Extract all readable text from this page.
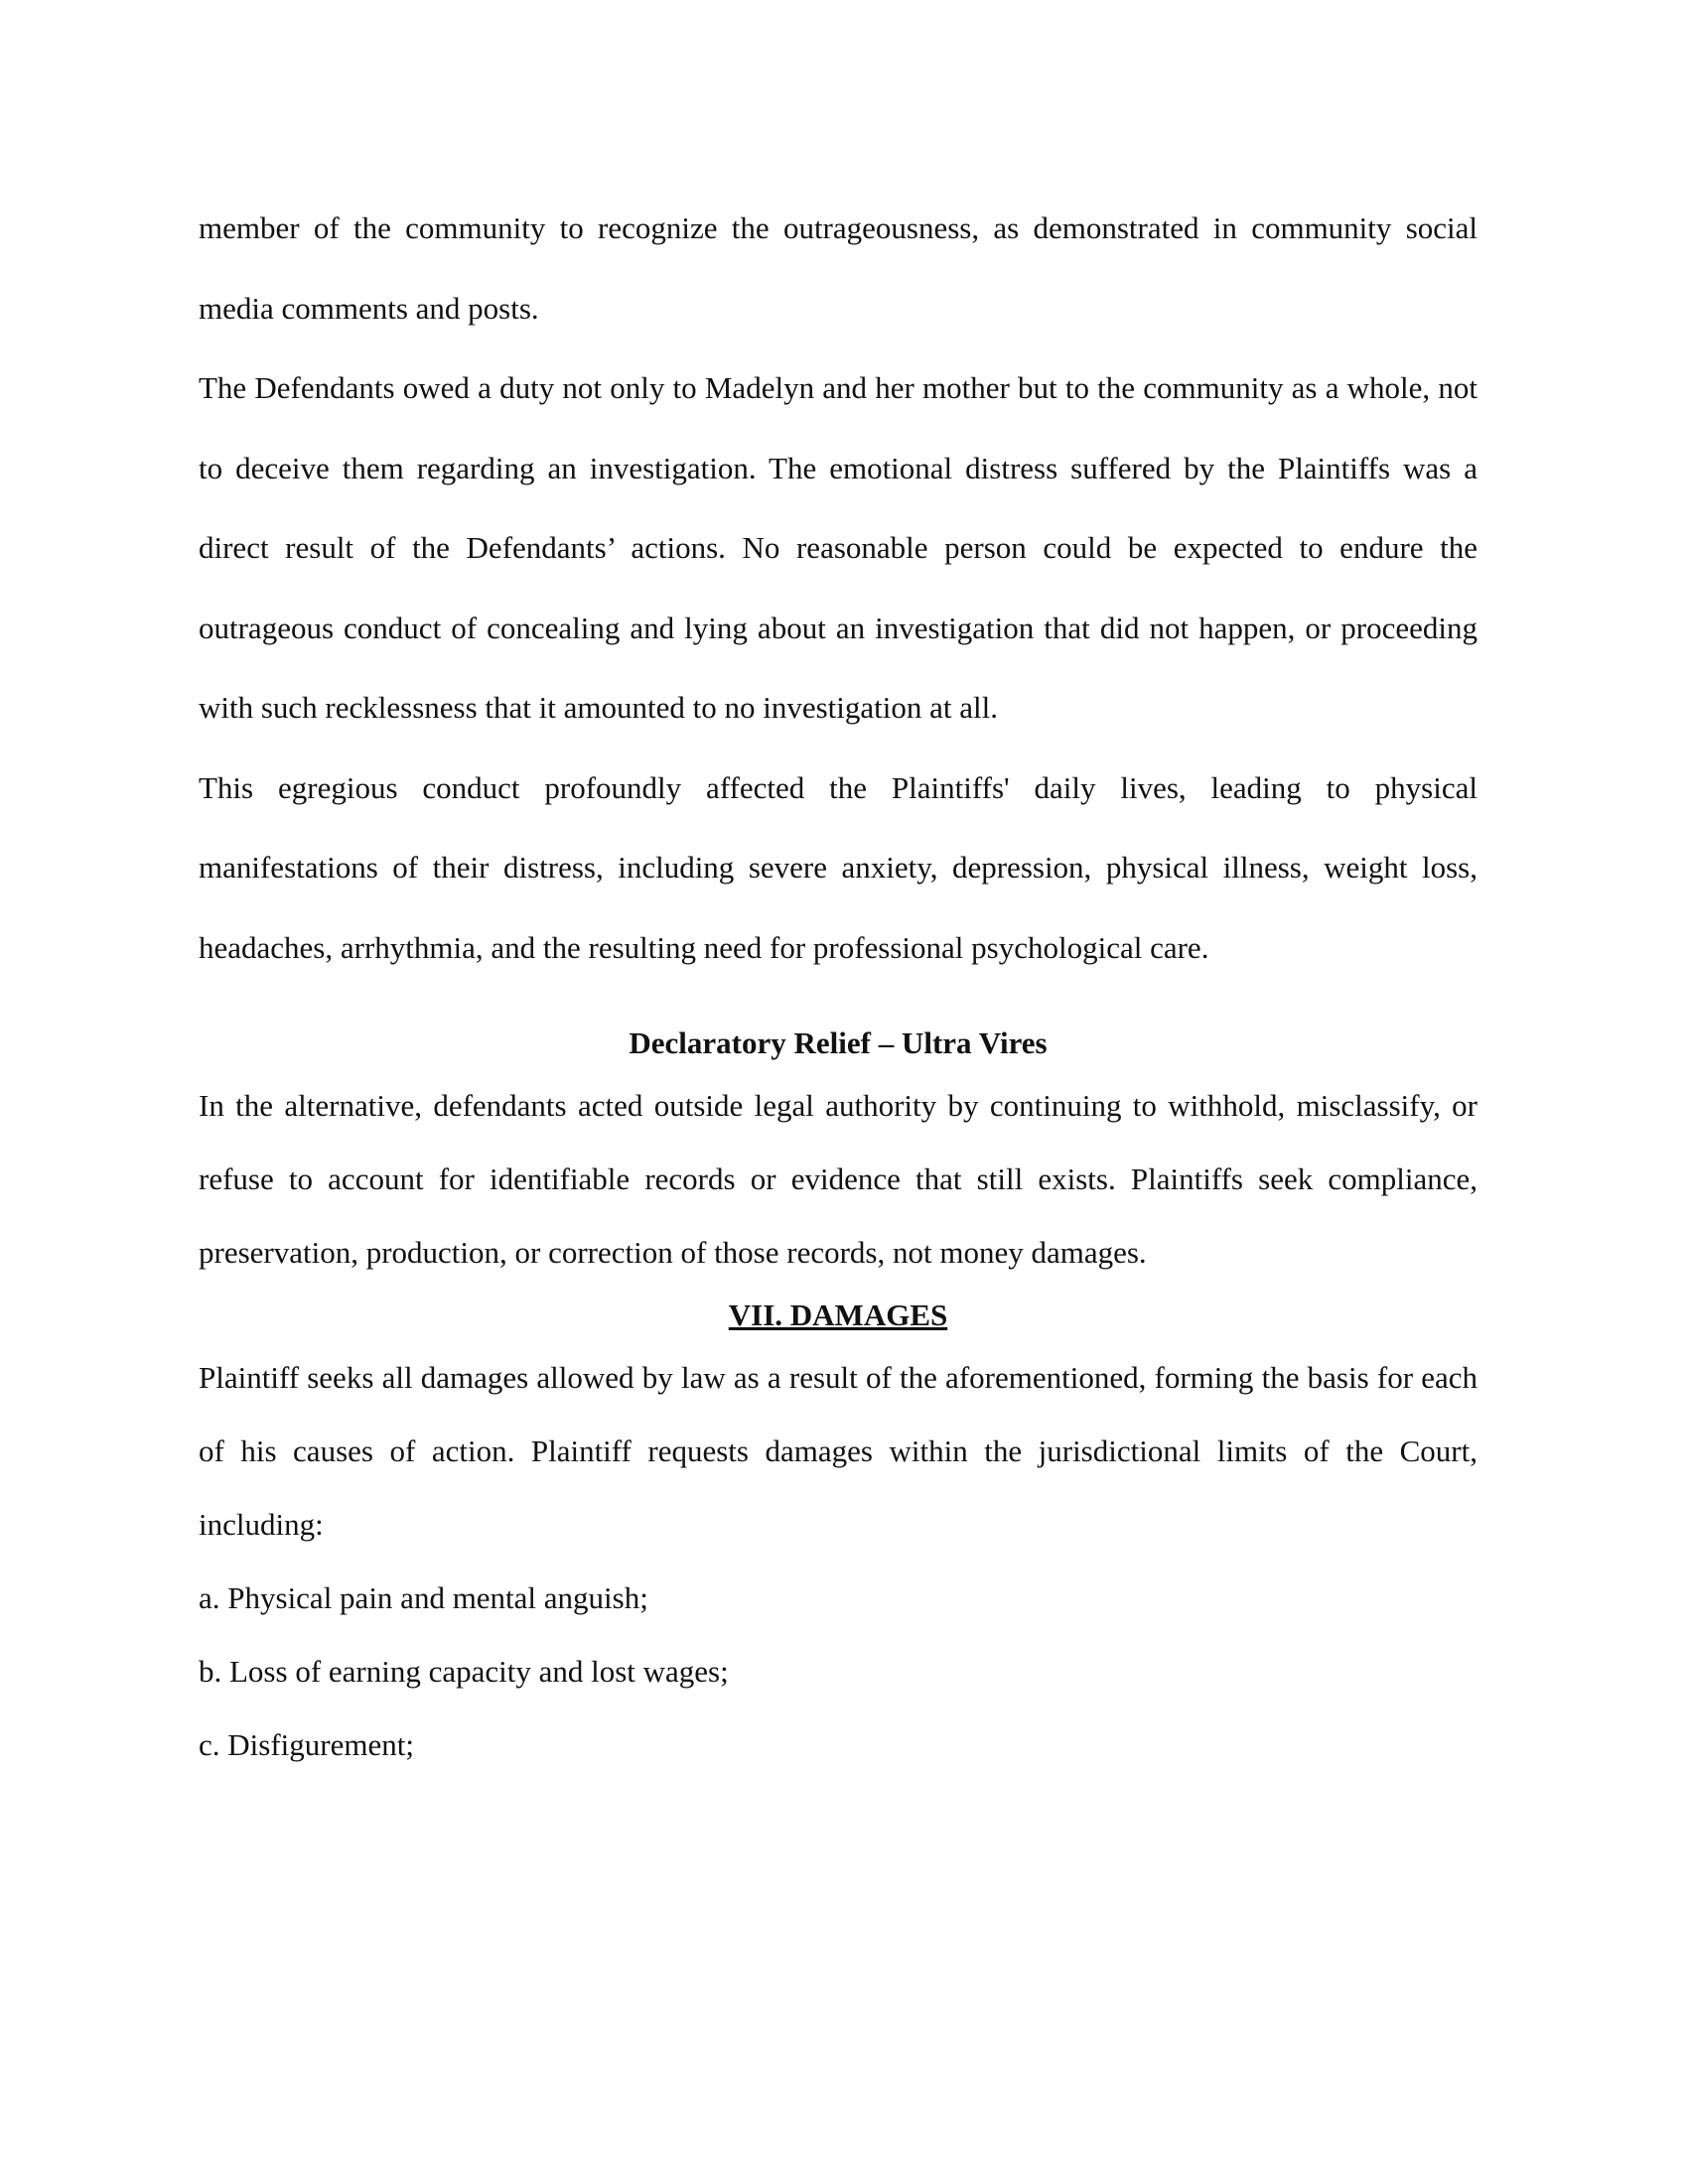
member of the community to recognize the outrageousness, as demonstrated in community social media comments and posts.

The Defendants owed a duty not only to Madelyn and her mother but to the community as a whole, not to deceive them regarding an investigation. The emotional distress suffered by the Plaintiffs was a direct result of the Defendants’ actions. No reasonable person could be expected to endure the outrageous conduct of concealing and lying about an investigation that did not happen, or proceeding with such recklessness that it amounted to no investigation at all.

This egregious conduct profoundly affected the Plaintiffs' daily lives, leading to physical manifestations of their distress, including severe anxiety, depression, physical illness, weight loss, headaches, arrhythmia, and the resulting need for professional psychological care.

Declaratory Relief – Ultra Vires

In the alternative, defendants acted outside legal authority by continuing to withhold, misclassify, or refuse to account for identifiable records or evidence that still exists. Plaintiffs seek compliance, preservation, production, or correction of those records, not money damages.

VII. DAMAGES

Plaintiff seeks all damages allowed by law as a result of the aforementioned, forming the basis for each of his causes of action. Plaintiff requests damages within the jurisdictional limits of the Court, including:

a. Physical pain and mental anguish;

b. Loss of earning capacity and lost wages;

c. Disfigurement;
